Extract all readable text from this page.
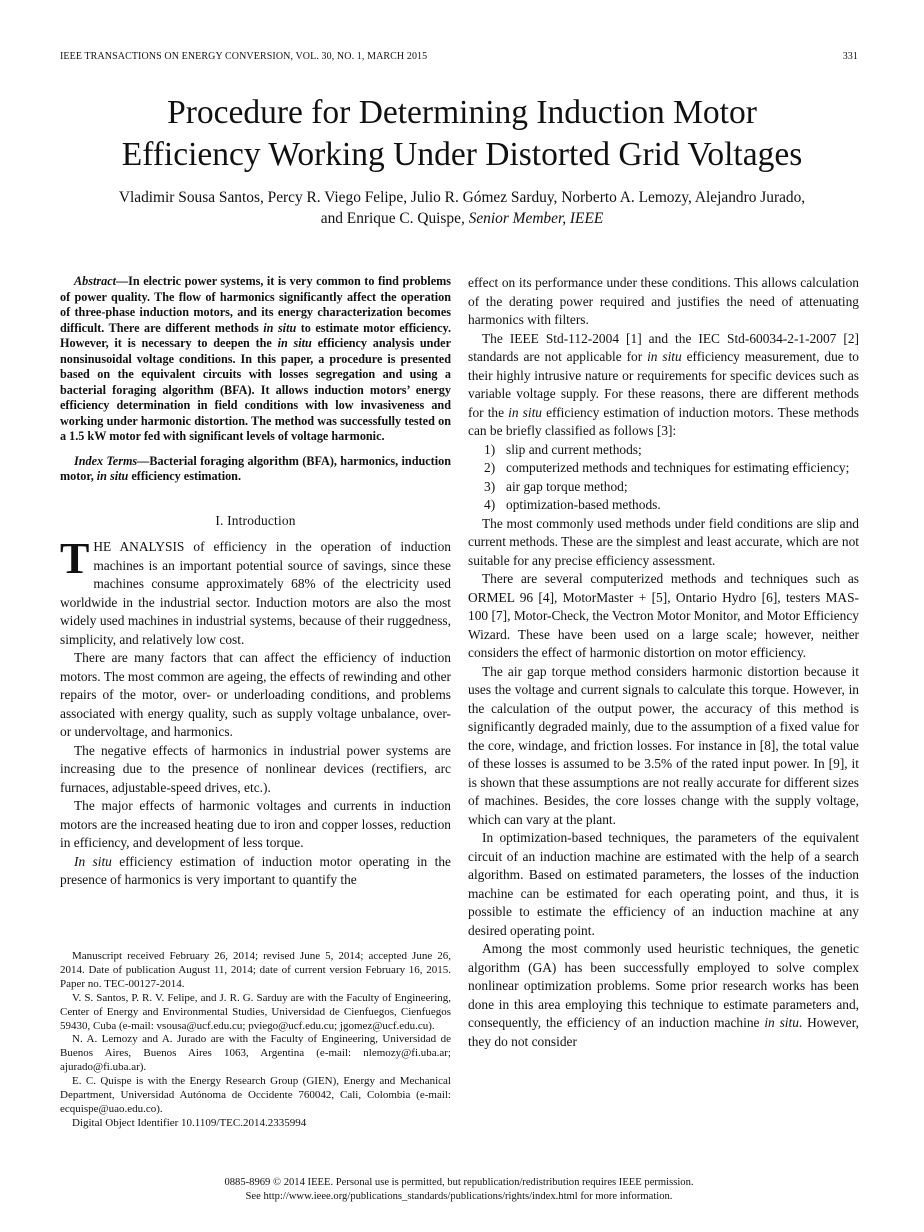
IEEE TRANSACTIONS ON ENERGY CONVERSION, VOL. 30, NO. 1, MARCH 2015	331
Procedure for Determining Induction Motor
Efficiency Working Under Distorted Grid Voltages
Vladimir Sousa Santos, Percy R. Viego Felipe, Julio R. Gómez Sarduy, Norberto A. Lemozy, Alejandro Jurado,
and Enrique C. Quispe, Senior Member, IEEE

Abstract—In electric power systems, it is very common to find problems of power quality. The flow of harmonics significantly affect the operation of three-phase induction motors, and its energy characterization becomes difficult. There are different methods in situ to estimate motor efficiency. However, it is necessary to deepen the in situ efficiency analysis under nonsinusoidal voltage conditions. In this paper, a procedure is presented based on the equivalent circuits with losses segregation and using a bacterial foraging algorithm (BFA). It allows induction motors’ energy efficiency determination in field conditions with low invasiveness and working under harmonic distortion. The method was successfully tested on a 1.5 kW motor fed with significant levels of voltage harmonic.

Index Terms—Bacterial foraging algorithm (BFA), harmonics, induction motor, in situ efficiency estimation.

I. Introduction

THE ANALYSIS of efficiency in the operation of induction machines is an important potential source of savings, since these machines consume approximately 68% of the electricity used worldwide in the industrial sector. Induction motors are also the most widely used machines in industrial systems, because of their ruggedness, simplicity, and relatively low cost.

There are many factors that can affect the efficiency of induction motors. The most common are ageing, the effects of rewinding and other repairs of the motor, over- or underloading conditions, and problems associated with energy quality, such as supply voltage unbalance, over- or undervoltage, and harmonics.

The negative effects of harmonics in industrial power systems are increasing due to the presence of nonlinear devices (rectifiers, arc furnaces, adjustable-speed drives, etc.).

The major effects of harmonic voltages and currents in induction motors are the increased heating due to iron and copper losses, reduction in efficiency, and development of less torque.

In situ efficiency estimation of induction motor operating in the presence of harmonics is very important to quantify the

Manuscript received February 26, 2014; revised June 5, 2014; accepted June 26, 2014. Date of publication August 11, 2014; date of current version February 16, 2015. Paper no. TEC-00127-2014.

V. S. Santos, P. R. V. Felipe, and J. R. G. Sarduy are with the Faculty of Engineering, Center of Energy and Environmental Studies, Universidad de Cienfuegos, Cienfuegos 59430, Cuba (e-mail: vsousa@ucf.edu.cu; pviego@ucf.edu.cu; jgomez@ucf.edu.cu).

N. A. Lemozy and A. Jurado are with the Faculty of Engineering, Universidad de Buenos Aires, Buenos Aires 1063, Argentina (e-mail: nlemozy@fi.uba.ar; ajurado@fi.uba.ar).

E. C. Quispe is with the Energy Research Group (GIEN), Energy and Mechanical Department, Universidad Autónoma de Occidente 760042, Cali, Colombia (e-mail: ecquispe@uao.edu.co).

Digital Object Identifier 10.1109/TEC.2014.2335994

effect on its performance under these conditions. This allows calculation of the derating power required and justifies the need of attenuating harmonics with filters.

The IEEE Std-112-2004 [1] and the IEC Std-60034-2-1-2007 [2] standards are not applicable for in situ efficiency measurement, due to their highly intrusive nature or requirements for specific devices such as variable voltage supply. For these reasons, there are different methods for the in situ efficiency estimation of induction motors. These methods can be briefly classified as follows [3]:

1) slip and current methods;
2) computerized methods and techniques for estimating efficiency;
3) air gap torque method;
4) optimization-based methods.

The most commonly used methods under field conditions are slip and current methods. These are the simplest and least accurate, which are not suitable for any precise efficiency assessment.

There are several computerized methods and techniques such as ORMEL 96 [4], MotorMaster + [5], Ontario Hydro [6], testers MAS-100 [7], Motor-Check, the Vectron Motor Monitor, and Motor Efficiency Wizard. These have been used on a large scale; however, neither considers the effect of harmonic distortion on motor efficiency.

The air gap torque method considers harmonic distortion because it uses the voltage and current signals to calculate this torque. However, in the calculation of the output power, the accuracy of this method is significantly degraded mainly, due to the assumption of a fixed value for the core, windage, and friction losses. For instance in [8], the total value of these losses is assumed to be 3.5% of the rated input power. In [9], it is shown that these assumptions are not really accurate for different sizes of machines. Besides, the core losses change with the supply voltage, which can vary at the plant.

In optimization-based techniques, the parameters of the equivalent circuit of an induction machine are estimated with the help of a search algorithm. Based on estimated parameters, the losses of the induction machine can be estimated for each operating point, and thus, it is possible to estimate the efficiency of an induction machine at any desired operating point.

Among the most commonly used heuristic techniques, the genetic algorithm (GA) has been successfully employed to solve complex nonlinear optimization problems. Some prior research works has been done in this area employing this technique to estimate parameters and, consequently, the efficiency of an induction machine in situ. However, they do not consider

0885-8969 © 2014 IEEE. Personal use is permitted, but republication/redistribution requires IEEE permission.
See http://www.ieee.org/publications_standards/publications/rights/index.html for more information.
